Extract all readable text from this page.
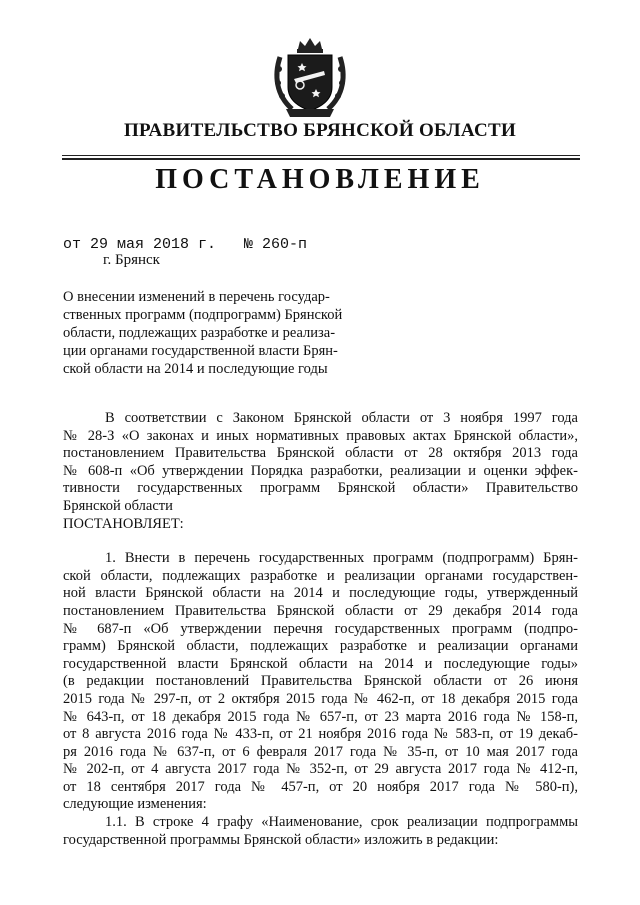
ПРАВИТЕЛЬСТВО БРЯНСКОЙ ОБЛАСТИ
ПОСТАНОВЛЕНИЕ
от 29 мая 2018 г. № 260-п
г. Брянск
О внесении изменений в перечень государ-
ственных программ (подпрограмм) Брянской
области, подлежащих разработке и реализа-
ции органами государственной власти Брян-
ской области на 2014 и последующие годы
В соответствии с Законом Брянской области от 3 ноября 1997 года
№ 28-З «О законах и иных нормативных правовых актах Брянской области»,
постановлением Правительства Брянской области от 28 октября 2013 года
№ 608-п «Об утверждении Порядка разработки, реализации и оценки эффек-
тивности государственных программ Брянской области» Правительство
Брянской области
ПОСТАНОВЛЯЕТ:
1. Внести в перечень государственных программ (подпрограмм) Брян-
ской области, подлежащих разработке и реализации органами государствен-
ной власти Брянской области на 2014 и последующие годы, утвержденный
постановлением Правительства Брянской области от 29 декабря 2014 года
№ 687-п «Об утверждении перечня государственных программ (подпро-
грамм) Брянской области, подлежащих разработке и реализации органами
государственной власти Брянской области на 2014 и последующие годы»
(в редакции постановлений Правительства Брянской области от 26 июня
2015 года № 297-п, от 2 октября 2015 года № 462-п, от 18 декабря 2015 года
№ 643-п, от 18 декабря 2015 года № 657-п, от 23 марта 2016 года № 158-п,
от 8 августа 2016 года № 433-п, от 21 ноября 2016 года № 583-п, от 19 декаб-
ря 2016 года № 637-п, от 6 февраля 2017 года № 35-п, от 10 мая 2017 года
№ 202-п, от 4 августа 2017 года № 352-п, от 29 августа 2017 года № 412-п,
от 18 сентября 2017 года № 457-п, от 20 ноября 2017 года № 580-п),
следующие изменения:
1.1. В строке 4 графу «Наименование, срок реализации подпрограммы
государственной программы Брянской области» изложить в редакции:
